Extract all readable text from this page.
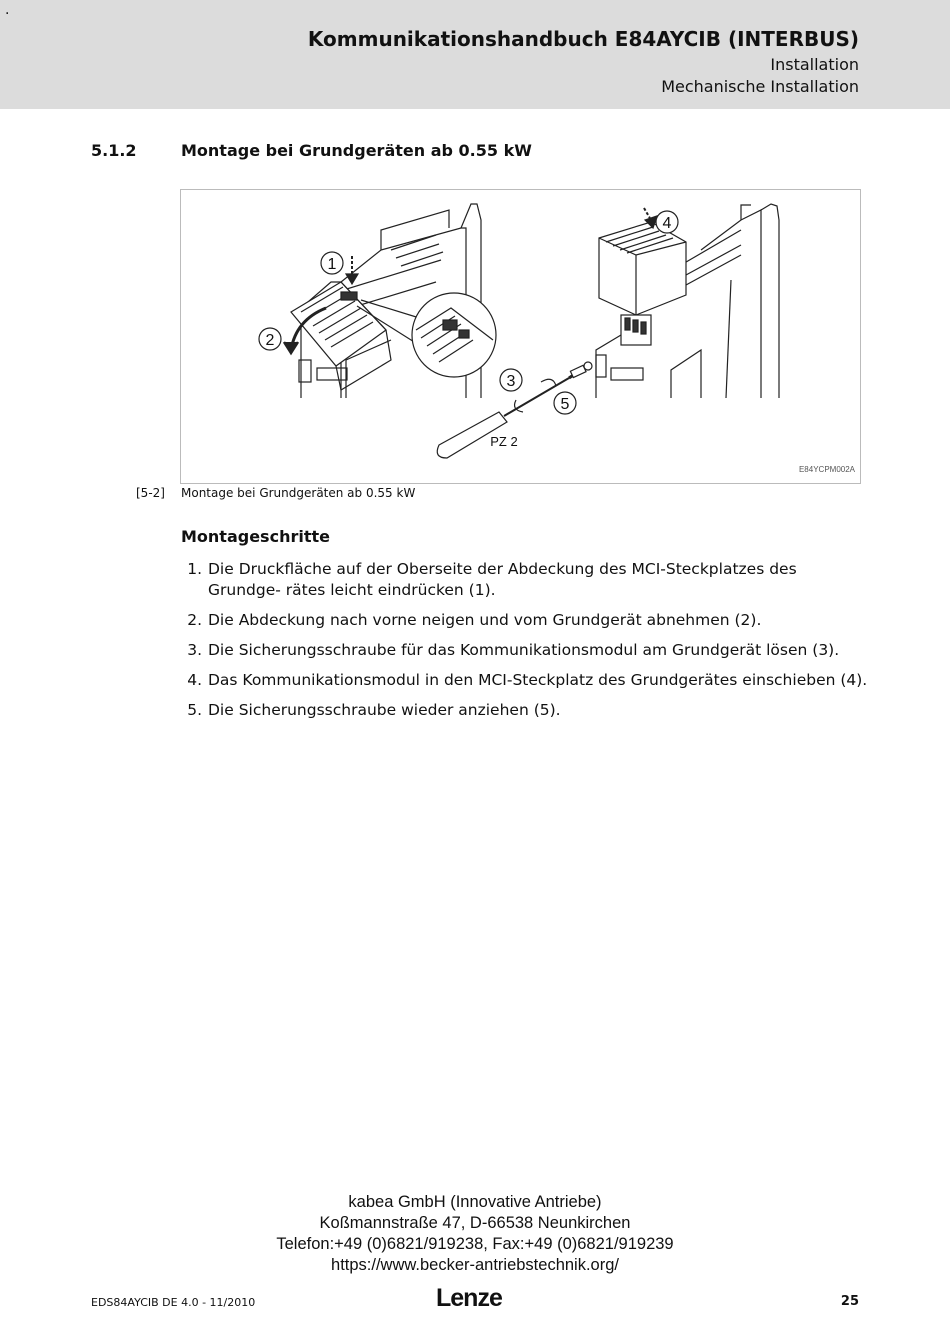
.
Kommunikationshandbuch E84AYCIB (INTERBUS)
Installation
Mechanische Installation
5.1.2	Montage bei Grundgeräten ab 0.55 kW
1
2
3
4
5
PZ 2
E84YCPM002A
[5-2] Montage bei Grundgeräten ab 0.55 kW
Montageschritte
1. Die Druckfläche auf der Oberseite der Abdeckung des MCI-Steckplatzes des Grundge- rätes leicht eindrücken (1).
2. Die Abdeckung nach vorne neigen und vom Grundgerät abnehmen (2).
3. Die Sicherungsschraube für das Kommunikationsmodul am Grundgerät lösen (3).
4. Das Kommunikationsmodul in den MCI-Steckplatz des Grundgerätes einschieben (4).
5. Die Sicherungsschraube wieder anziehen (5).
kabea GmbH (Innovative Antriebe)
Koßmannstraße 47, D-66538 Neunkirchen
Telefon:+49 (0)6821/919238, Fax:+49 (0)6821/919239
https://www.becker-antriebstechnik.org/
EDS84AYCIB DE 4.0 - 11/2010	Lenze	25
